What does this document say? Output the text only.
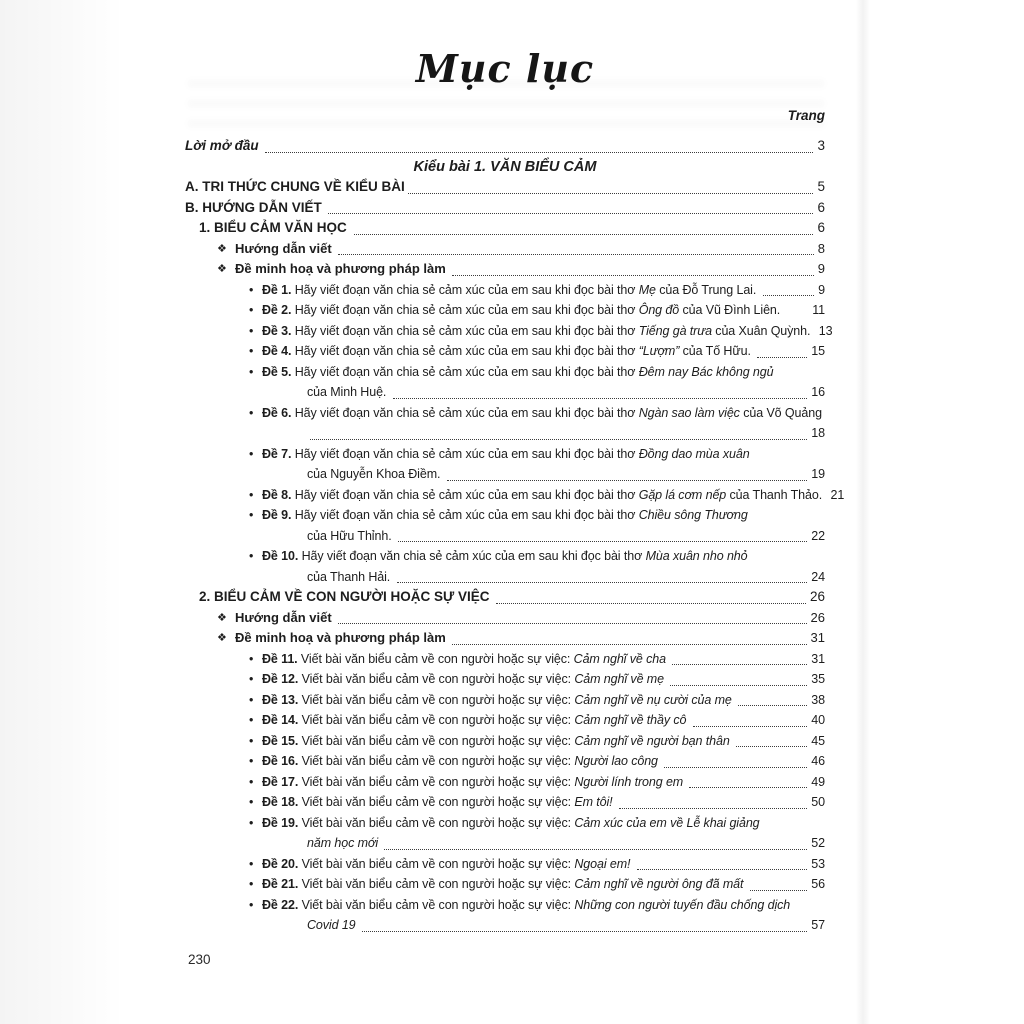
Mục lục
Trang
Lời mở đầu	3
Kiểu bài 1. VĂN BIỂU CẢM
A. TRI THỨC CHUNG VỀ KIỂU BÀI	5
B. HƯỚNG DẪN VIẾT	6
1. BIỂU CẢM VĂN HỌC	6
❖ Hướng dẫn viết	8
❖ Đề minh hoạ và phương pháp làm	9
• Đề 1. Hãy viết đoạn văn chia sẻ cảm xúc của em sau khi đọc bài thơ Mẹ của Đỗ Trung Lai.	9
• Đề 2. Hãy viết đoạn văn chia sẻ cảm xúc của em sau khi đọc bài thơ Ông đồ của Vũ Đình Liên. 11
• Đề 3. Hãy viết đoạn văn chia sẻ cảm xúc của em sau khi đọc bài thơ Tiếng gà trưa của Xuân Quỳnh. 13
• Đề 4. Hãy viết đoạn văn chia sẻ cảm xúc của em sau khi đọc bài thơ “Lượm” của Tố Hữu.	15
• Đề 5. Hãy viết đoạn văn chia sẻ cảm xúc của em sau khi đọc bài thơ Đêm nay Bác không ngủ
của Minh Huệ.	16
• Đề 6. Hãy viết đoạn văn chia sẻ cảm xúc của em sau khi đọc bài thơ Ngàn sao làm việc của Võ Quảng
18
• Đề 7. Hãy viết đoạn văn chia sẻ cảm xúc của em sau khi đọc bài thơ Đồng dao mùa xuân
của Nguyễn Khoa Điềm.	19
• Đề 8. Hãy viết đoạn văn chia sẻ cảm xúc của em sau khi đọc bài thơ Gặp lá cơm nếp của Thanh Thảo. 21
• Đề 9. Hãy viết đoạn văn chia sẻ cảm xúc của em sau khi đọc bài thơ Chiều sông Thương
của Hữu Thỉnh.	22
• Đề 10. Hãy viết đoạn văn chia sẻ cảm xúc của em sau khi đọc bài thơ Mùa xuân nho nhỏ
của Thanh Hải.	24
2. BIỂU CẢM VỀ CON NGƯỜI HOẶC SỰ VIỆC	26
❖ Hướng dẫn viết	26
❖ Đề minh hoạ và phương pháp làm	31
• Đề 11. Viết bài văn biểu cảm về con người hoặc sự việc: Cảm nghĩ về cha	31
• Đề 12. Viết bài văn biểu cảm về con người hoặc sự việc: Cảm nghĩ về mẹ	35
• Đề 13. Viết bài văn biểu cảm về con người hoặc sự việc: Cảm nghĩ về nụ cười của mẹ	38
• Đề 14. Viết bài văn biểu cảm về con người hoặc sự việc: Cảm nghĩ về thầy cô	40
• Đề 15. Viết bài văn biểu cảm về con người hoặc sự việc: Cảm nghĩ về người bạn thân	45
• Đề 16. Viết bài văn biểu cảm về con người hoặc sự việc: Người lao công	46
• Đề 17. Viết bài văn biểu cảm về con người hoặc sự việc: Người lính trong em	49
• Đề 18. Viết bài văn biểu cảm về con người hoặc sự việc: Em tôi!	50
• Đề 19. Viết bài văn biểu cảm về con người hoặc sự việc: Cảm xúc của em về Lễ khai giảng
năm học mới	52
• Đề 20. Viết bài văn biểu cảm về con người hoặc sự việc: Ngoại em!	53
• Đề 21. Viết bài văn biểu cảm về con người hoặc sự việc: Cảm nghĩ về người ông đã mất	56
• Đề 22. Viết bài văn biểu cảm về con người hoặc sự việc: Những con người tuyến đầu chống dịch
Covid 19	57
230
